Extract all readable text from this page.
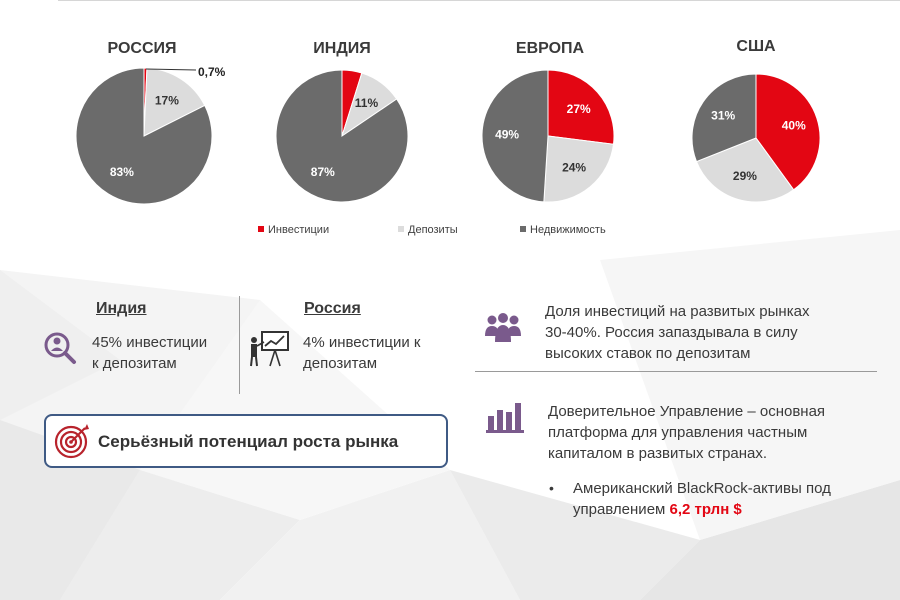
РОССИЯ	ИНДИЯ	ЕВРОПА	США
17%
83%
0,7%
11%
87%
27%
24%
49%
40%
29%
31%
Инвестиции	Депозиты	Недвижимость
Индия
45% инвестиции
к депозитам
Россия
4% инвестиции к
депозитам
Серьёзный потенциал роста рынка
Доля инвестиций на развитых рынках
30-40%. Россия запаздывала в силу
высоких ставок по депозитам
Доверительное Управление – основная
платформа для управления частным
капиталом в развитых странах.
• Американский BlackRock-активы под
управлением 6,2 трлн $
